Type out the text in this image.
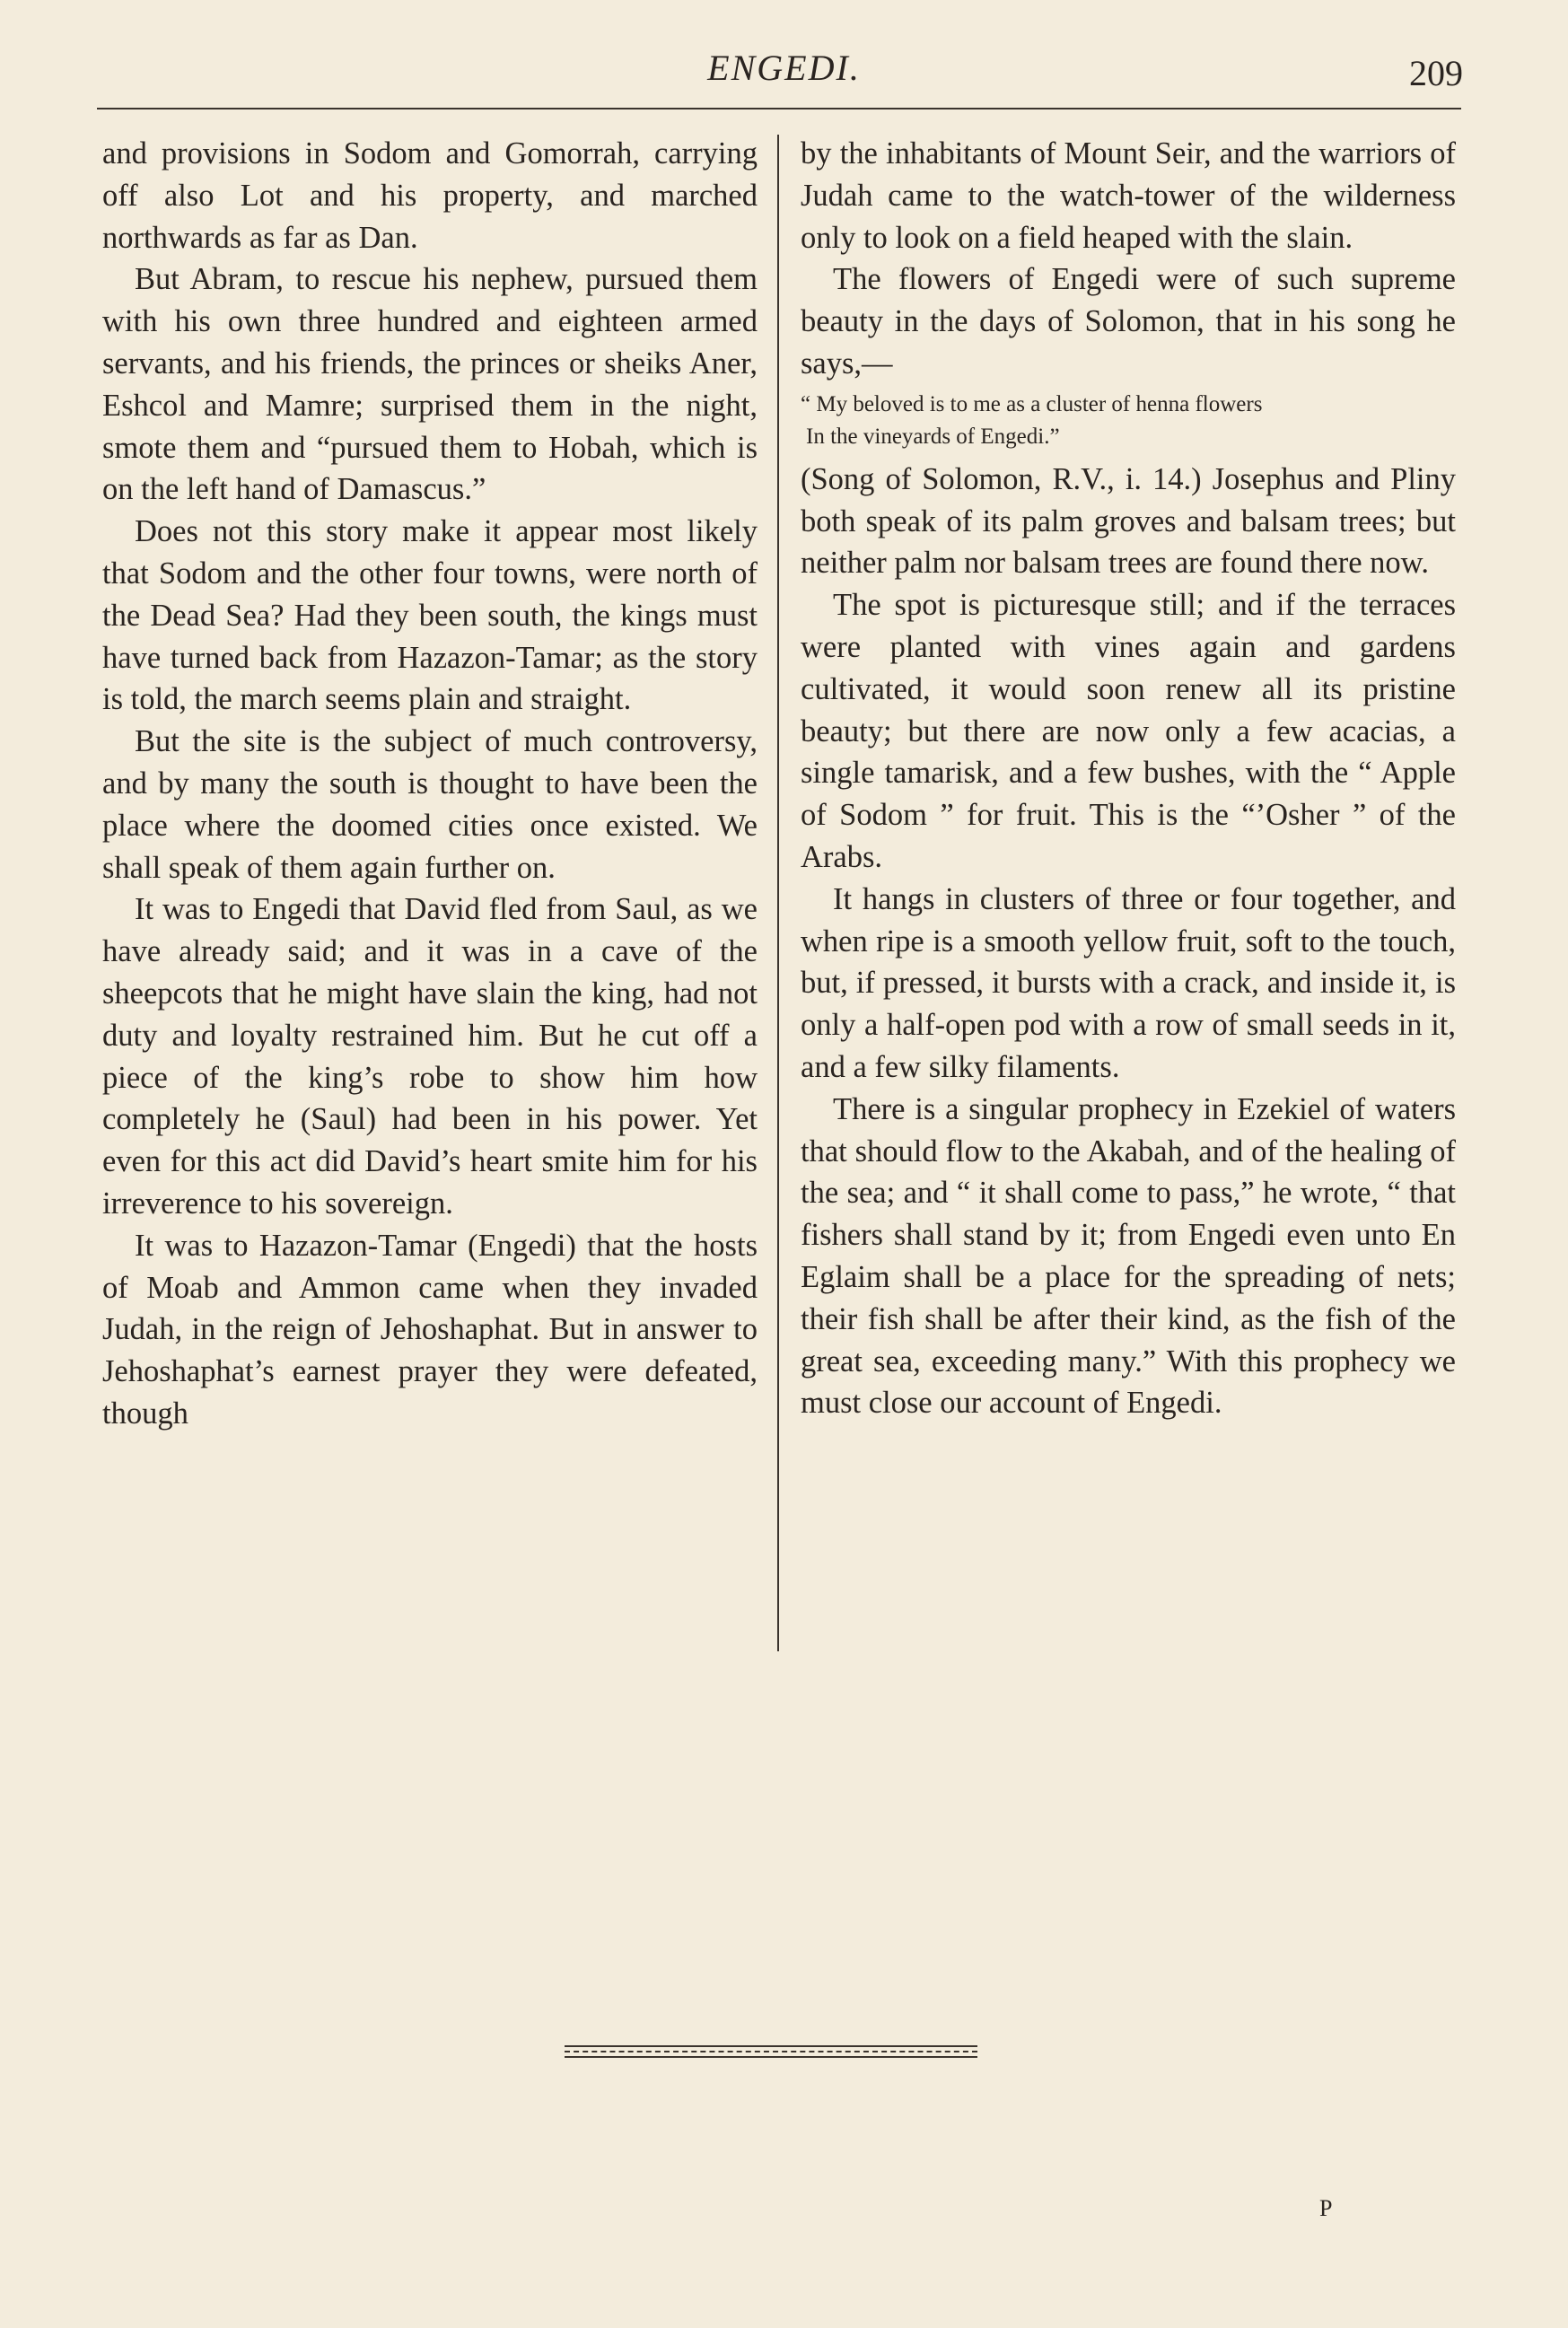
ENGEDI.	209

and provisions in Sodom and Gomorrah, carrying off also Lot and his property, and marched northwards as far as Dan.

But Abram, to rescue his nephew, pursued them with his own three hundred and eighteen armed servants, and his friends, the princes or sheiks Aner, Eshcol and Mamre; surprised them in the night, smote them and “pursued them to Hobah, which is on the left hand of Damascus.”

Does not this story make it appear most likely that Sodom and the other four towns, were north of the Dead Sea? Had they been south, the kings must have turned back from Hazazon-Tamar; as the story is told, the march seems plain and straight.

But the site is the subject of much controversy, and by many the south is thought to have been the place where the doomed cities once existed. We shall speak of them again further on.

It was to Engedi that David fled from Saul, as we have already said; and it was in a cave of the sheepcots that he might have slain the king, had not duty and loyalty restrained him. But he cut off a piece of the king’s robe to show him how completely he (Saul) had been in his power. Yet even for this act did David’s heart smite him for his irreverence to his sovereign.

It was to Hazazon-Tamar (Engedi) that the hosts of Moab and Ammon came when they invaded Judah, in the reign of Jehoshaphat. But in answer to Jehoshaphat’s earnest prayer they were defeated, though

by the inhabitants of Mount Seir, and the warriors of Judah came to the watch-tower of the wilderness only to look on a field heaped with the slain.

The flowers of Engedi were of such supreme beauty in the days of Solomon, that in his song he says,—

“ My beloved is to me as a cluster of henna flowers
In the vineyards of Engedi.”

(Song of Solomon, R.V., i. 14.) Josephus and Pliny both speak of its palm groves and balsam trees; but neither palm nor balsam trees are found there now.

The spot is picturesque still; and if the terraces were planted with vines again and gardens cultivated, it would soon renew all its pristine beauty; but there are now only a few acacias, a single tamarisk, and a few bushes, with the “ Apple of Sodom ” for fruit. This is the “’Osher ” of the Arabs.

It hangs in clusters of three or four together, and when ripe is a smooth yellow fruit, soft to the touch, but, if pressed, it bursts with a crack, and inside it, is only a half-open pod with a row of small seeds in it, and a few silky filaments.

There is a singular prophecy in Ezekiel of waters that should flow to the Akabah, and of the healing of the sea; and “ it shall come to pass,” he wrote, “ that fishers shall stand by it; from Engedi even unto En Eglaim shall be a place for the spreading of nets; their fish shall be after their kind, as the fish of the great sea, exceeding many.” With this prophecy we must close our account of Engedi.

P
